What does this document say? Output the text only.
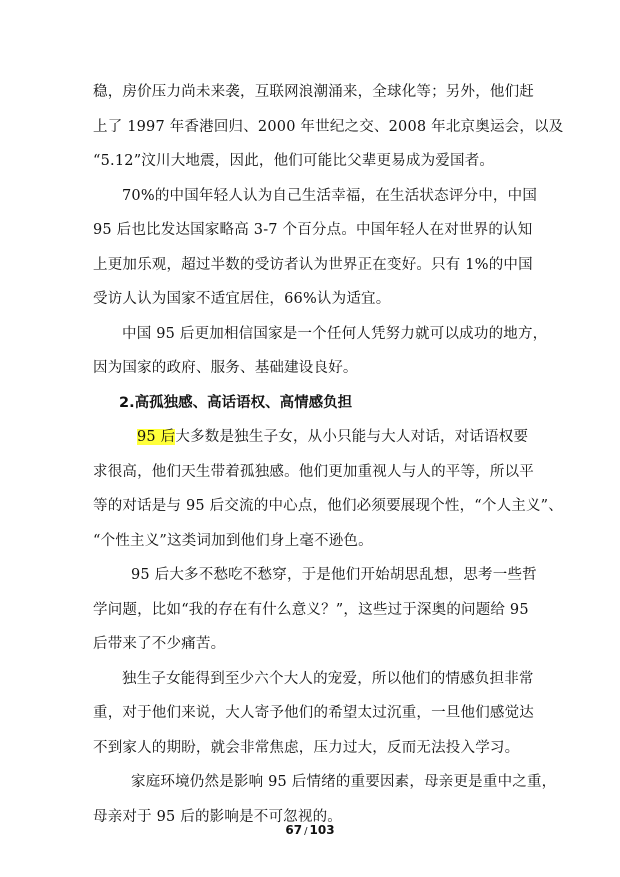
稳，房价压力尚未来袭，互联网浪潮涌来，全球化等；另外，他们赶
上了 1997 年香港回归、2000 年世纪之交、2008 年北京奥运会，以及
“5.12”汶川大地震，因此，他们可能比父辈更易成为爱国者。
70%的中国年轻人认为自己生活幸福，在生活状态评分中，中国
95 后也比发达国家略高 3-7 个百分点。中国年轻人在对世界的认知
上更加乐观，超过半数的受访者认为世界正在变好。只有 1%的中国
受访人认为国家不适宜居住，66%认为适宜。
中国 95 后更加相信国家是一个任何人凭努力就可以成功的地方，
因为国家的政府、服务、基础建设良好。
2.高孤独感、高话语权、高情感负担
95 后大多数是独生子女，从小只能与大人对话，对话语权要
求很高，他们天生带着孤独感。他们更加重视人与人的平等，所以平
等的对话是与 95 后交流的中心点，他们必须要展现个性，“个人主义”、
“个性主义”这类词加到他们身上毫不逊色。
95 后大多不愁吃不愁穿，于是他们开始胡思乱想，思考一些哲
学问题，比如“我的存在有什么意义？”，这些过于深奥的问题给 95
后带来了不少痛苦。
独生子女能得到至少六个大人的宠爱，所以他们的情感负担非常
重，对于他们来说，大人寄予他们的希望太过沉重，一旦他们感觉达
不到家人的期盼，就会非常焦虑，压力过大，反而无法投入学习。
家庭环境仍然是影响 95 后情绪的重要因素，母亲更是重中之重，
母亲对于 95 后的影响是不可忽视的。
67 / 103
